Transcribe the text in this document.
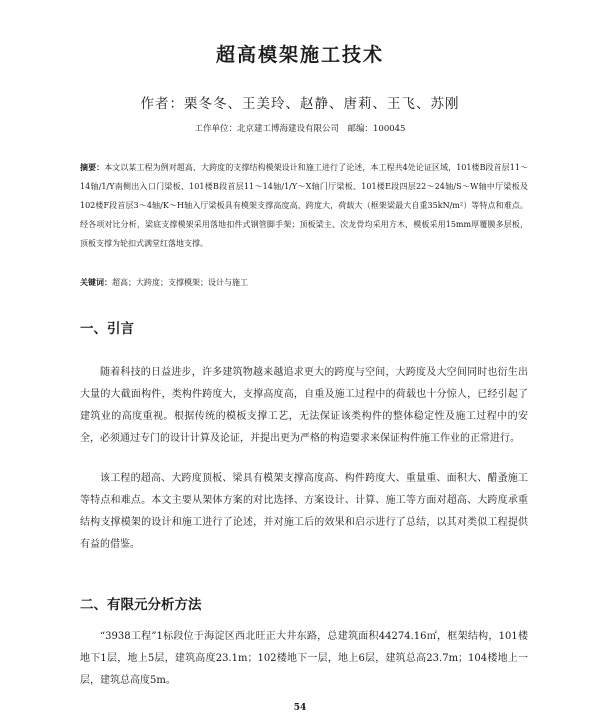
超高模架施工技术
作者：栗冬冬、王美玲、赵静、唐莉、王飞、苏刚
工作单位：北京建工博海建设有限公司　邮编：100045
摘要：本文以某工程为例对超高、大跨度的支撑结构模架设计和施工进行了论述，本工程共4处论证区域，101楼B段首层11～14轴/1/Y南侧出入口门梁板、101楼B段首层11～14轴/1/Y～X轴门厅梁板、101楼E段四层22～24轴/S～W轴中厅梁板及102楼F段首层3～4轴/K～H轴入厅梁板具有模架支撑高度高，跨度大，荷载大（框架梁最大自重35kN/m²）等特点和难点。经各项对比分析，梁底支撑模架采用落地扣件式钢管脚手架；顶板梁主、次龙骨均采用方木，模板采用15mm厚覆膜多层板，顶板支撑为轮扣式满堂红落地支撑。
关键词：超高；大跨度；支撑模架；设计与施工
一、引言

随着科技的日益进步，许多建筑物越来越追求更大的跨度与空间，大跨度及大空间同时也衍生出大量的大截面构件，类构件跨度大，支撑高度高，自重及施工过程中的荷载也十分惊人，已经引起了建筑业的高度重视。根据传统的模板支撑工艺，无法保证该类构件的整体稳定性及施工过程中的安全，必须通过专门的设计计算及论证，并提出更为严格的构造要求来保证构件施工作业的正常进行。

该工程的超高、大跨度顶板、梁具有模架支撑高度高、构件跨度大、重量重、面积大、醋蚤施工等特点和难点。本文主要从架体方案的对比选择、方案设计、计算、施工等方面对超高、大跨度承重结构支撑模架的设计和施工进行了论述，并对施工后的效果和启示进行了总结，以其对类似工程提供有益的借鉴。

二、有限元分析方法

“3938工程”1标段位于海淀区西北旺正大井东路，总建筑面积44274.16㎡，框架结构，101楼地下1层，地上5层，建筑高度23.1m；102楼地下一层，地上6层，建筑总高23.7m；104楼地上一层，建筑总高度5m。

54
